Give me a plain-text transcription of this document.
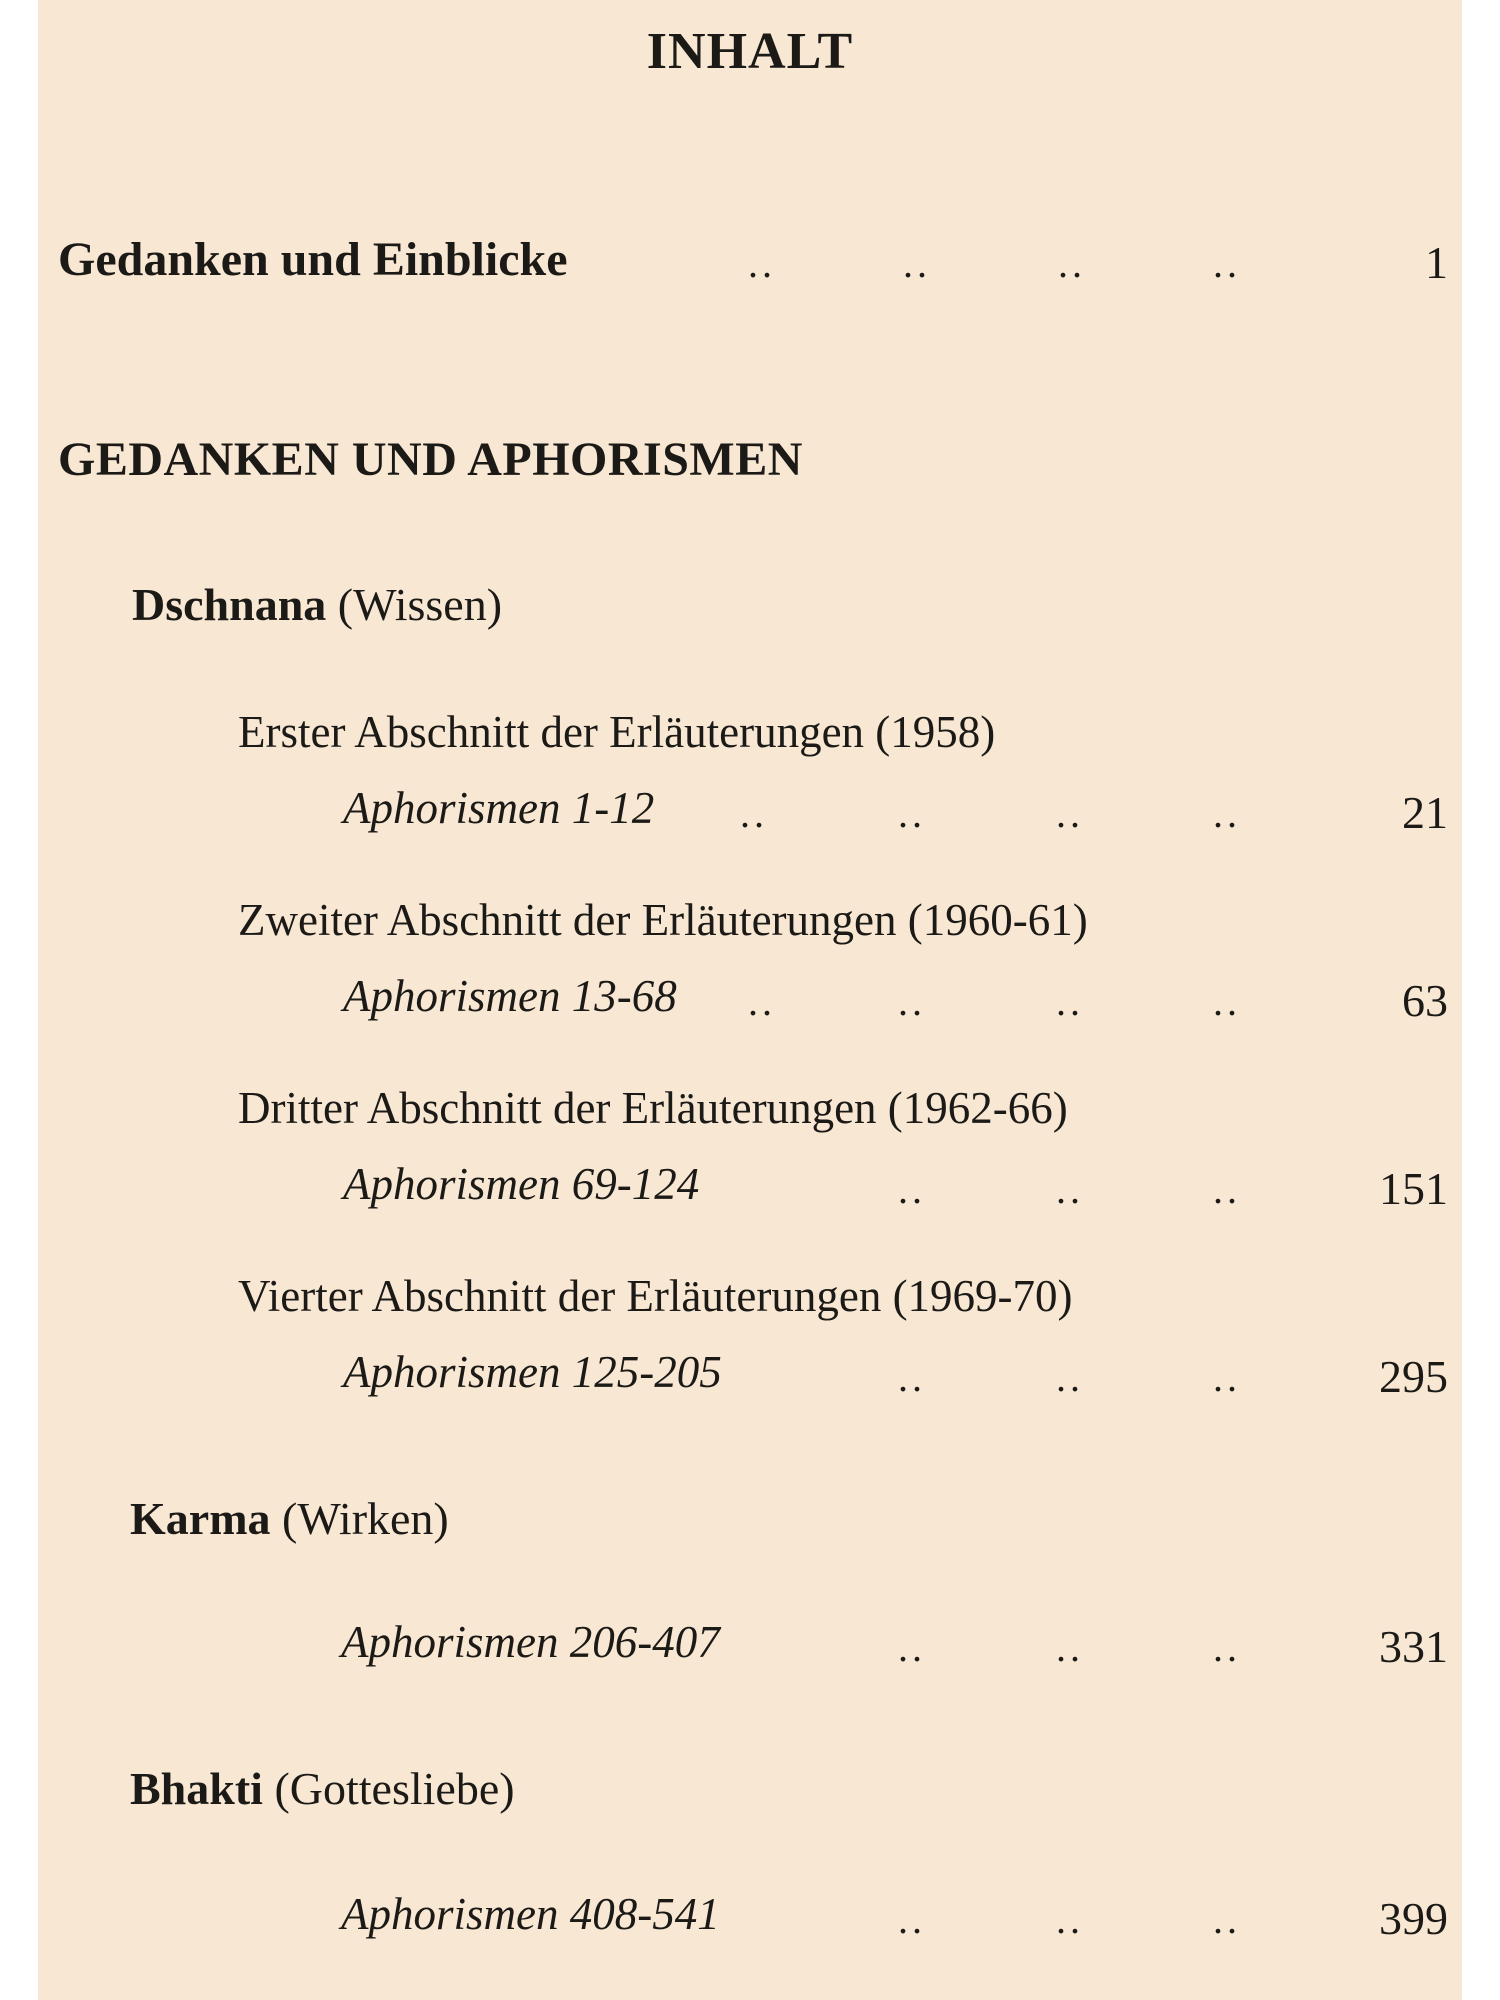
INHALT
Gedanken und Einblicke	..	..	..	..	1
GEDANKEN UND APHORISMEN
Dschnana (Wissen)
Erster Abschnitt der Erläuterungen (1958)
Aphorismen 1-12 ..	..	..	..	21
Zweiter Abschnitt der Erläuterungen (1960-61)
Aphorismen 13-68 ..	..	..	..	63
Dritter Abschnitt der Erläuterungen (1962-66)
Aphorismen 69-124	..	..	..	151
Vierter Abschnitt der Erläuterungen (1969-70)
Aphorismen 125-205	..	..	..	295
Karma (Wirken)
Aphorismen 206-407	..	..	..	331
Bhakti (Gottesliebe)
Aphorismen 408-541	..	..	..	399
